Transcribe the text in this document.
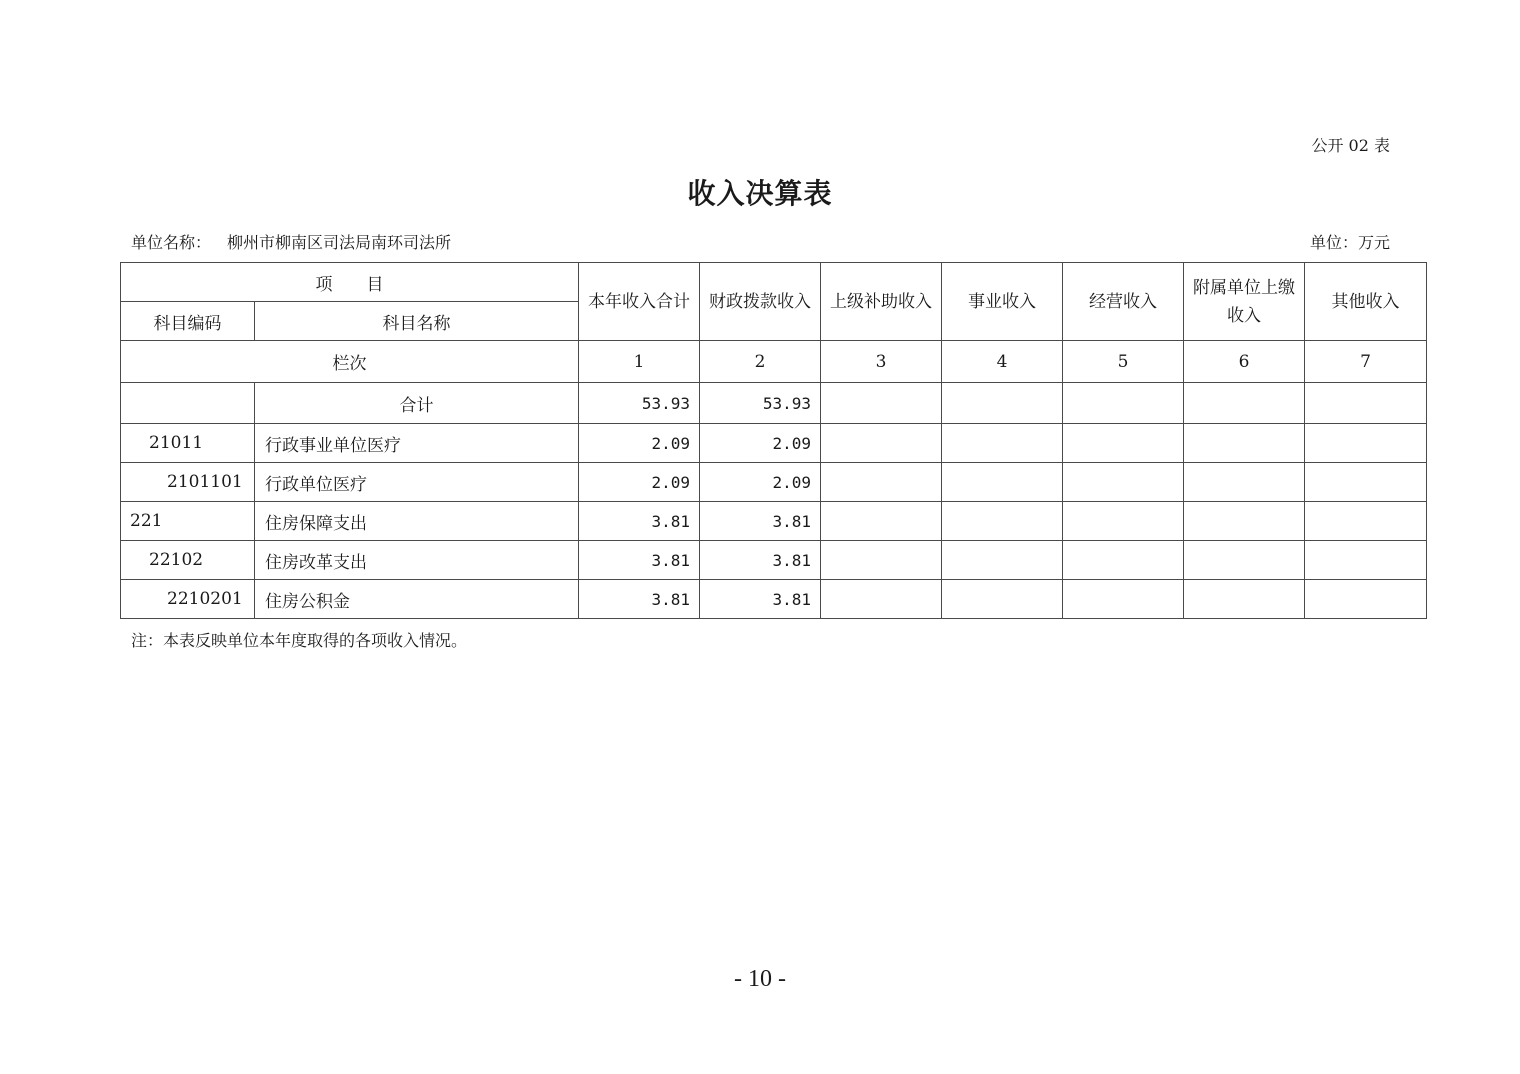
公开 02 表
收入决算表
单位名称： 柳州市柳南区司法局南环司法所	单位：万元
项　　目		本年收入合计	财政拨款收入	上级补助收入	事业收入	经营收入	附属单位上缴收入	其他收入
科目编码	科目名称							
栏次		1	2	3	4	5	6	7
	合计	53.93	53.93					
21011	行政事业单位医疗	2.09	2.09					
2101101	行政单位医疗	2.09	2.09					
221	住房保障支出	3.81	3.81					
22102	住房改革支出	3.81	3.81					
2210201	住房公积金	3.81	3.81					
注：本表反映单位本年度取得的各项收入情况。
- 10 -
